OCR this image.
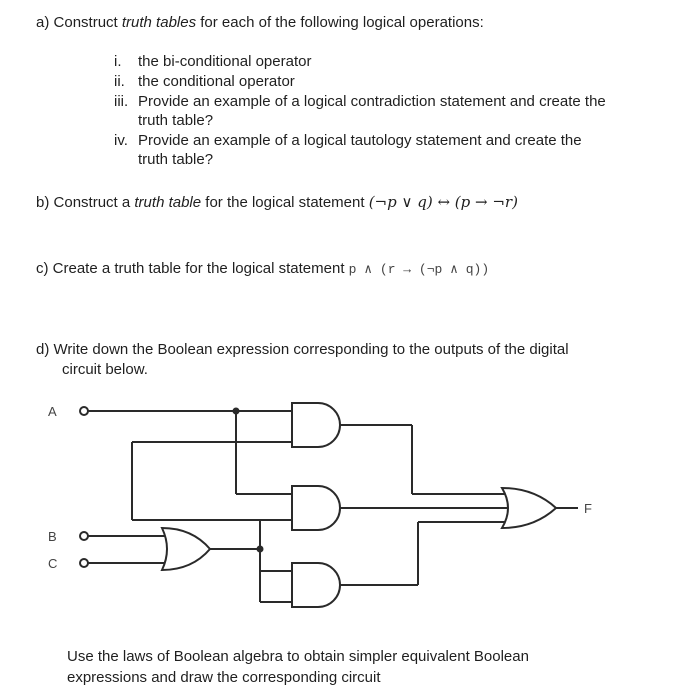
a) Construct truth tables for each of the following logical operations:
i. the bi-conditional operator
ii. the conditional operator
iii. Provide an example of a logical contradiction statement and create the
truth table?
iv. Provide an example of a logical tautology statement and create the
truth table?
b) Construct a truth table for the logical statement (¬p ∨ q) ↔ (p → ¬r)
c) Create a truth table for the logical statement p ∧ (r → (¬p ∧ q))
d) Write down the Boolean expression corresponding to the outputs of the digital
circuit below.
A
B
C
F
Use the laws of Boolean algebra to obtain simpler equivalent Boolean
expressions and draw the corresponding circuit
